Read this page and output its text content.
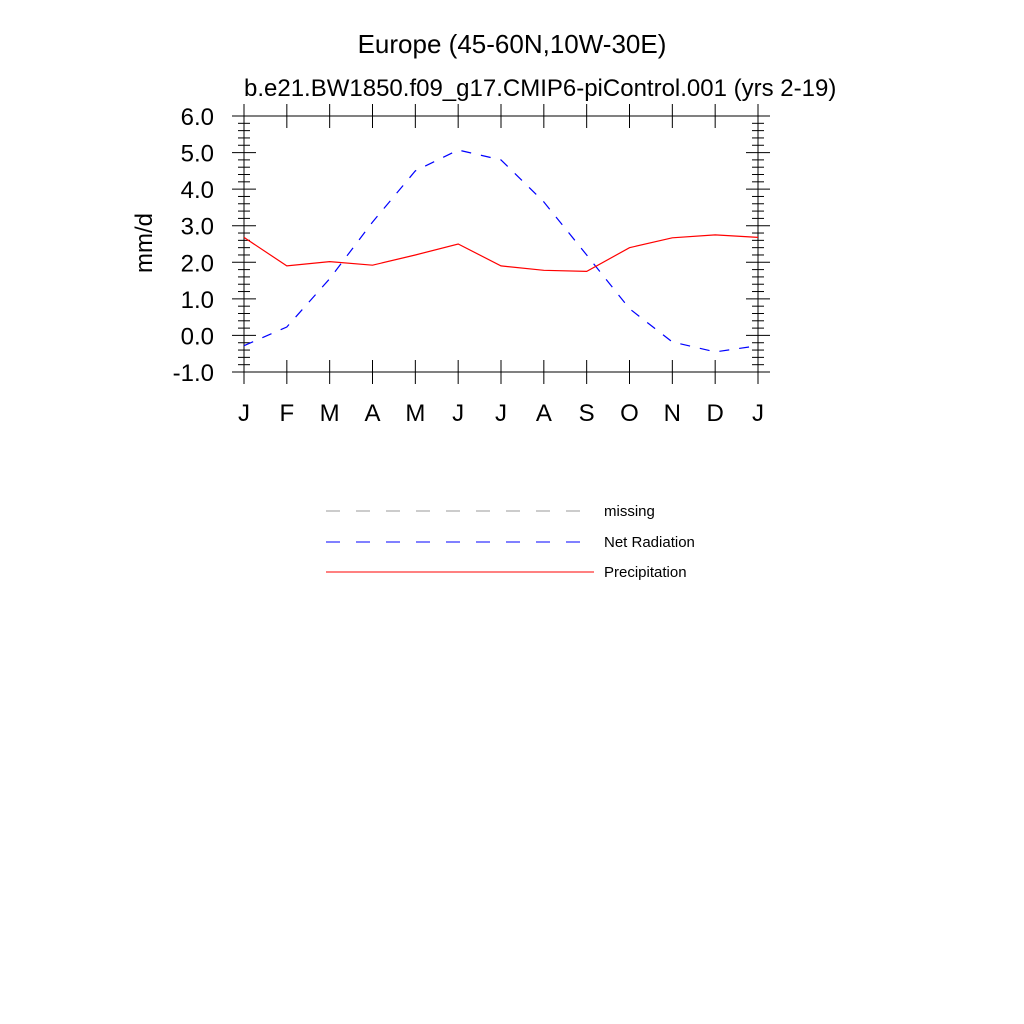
Europe (45-60N,10W-30E)
b.e21.BW1850.f09_g17.CMIP6-piControl.001 (yrs 2-19)
mm/d
-1.0
0.0
1.0
2.0
3.0
4.0
5.0
6.0
J F M A M J J A S O N D J
missing
Net Radiation
Precipitation
